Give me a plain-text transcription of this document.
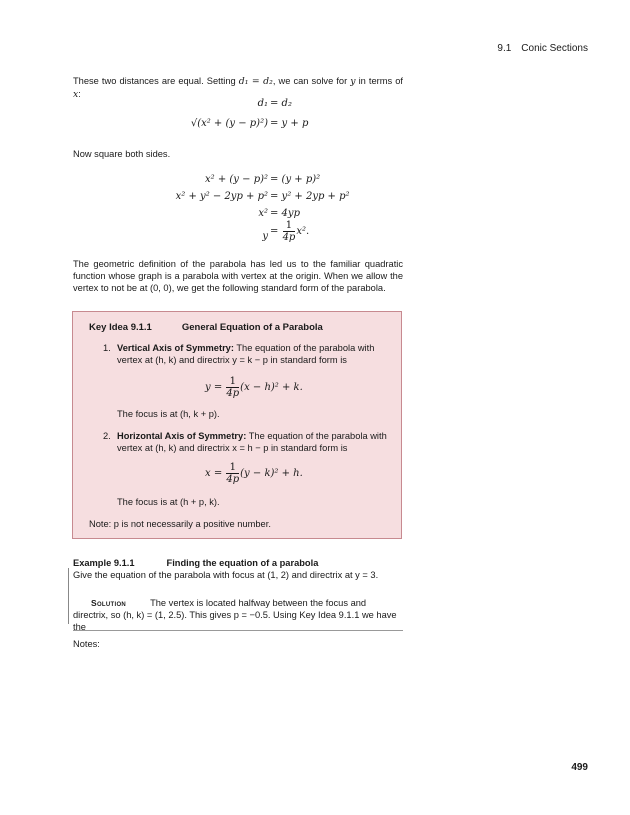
9.1 Conic Sections
These two distances are equal. Setting d₁ = d₂, we can solve for y in terms of x:
d₁ = d₂
√(x² + (y − p)²) = y + p
Now square both sides.
x² + (y − p)² = (y + p)²
x² + y² − 2yp + p² = y² + 2yp + p²
x² = 4yp
$y = \frac{1}{4p} x^2$.
The geometric definition of the parabola has led us to the familiar quadratic function whose graph is a parabola with vertex at the origin. When we allow the vertex to not be at (0, 0), we get the following standard form of the parabola.
Key Idea 9.1.1	General Equation of a Parabola
1. Vertical Axis of Symmetry: The equation of the parabola with vertex at (h, k) and directrix y = k − p in standard form is
$y = \frac{1}{4p} (x - h)^2 + k$.
The focus is at (h, k + p).
2. Horizontal Axis of Symmetry: The equation of the parabola with vertex at (h, k) and directrix x = h − p in standard form is
$x = \frac{1}{4p} (y - k)^2 + h$.
The focus is at (h + p, k).
Note: p is not necessarily a positive number.
Example 9.1.1	Finding the equation of a parabola
Give the equation of the parabola with focus at (1, 2) and directrix at y = 3.
Solution	The vertex is located halfway between the focus and directrix, so (h, k) = (1, 2.5). This gives p = −0.5. Using Key Idea 9.1.1 we have the
Notes:
499
